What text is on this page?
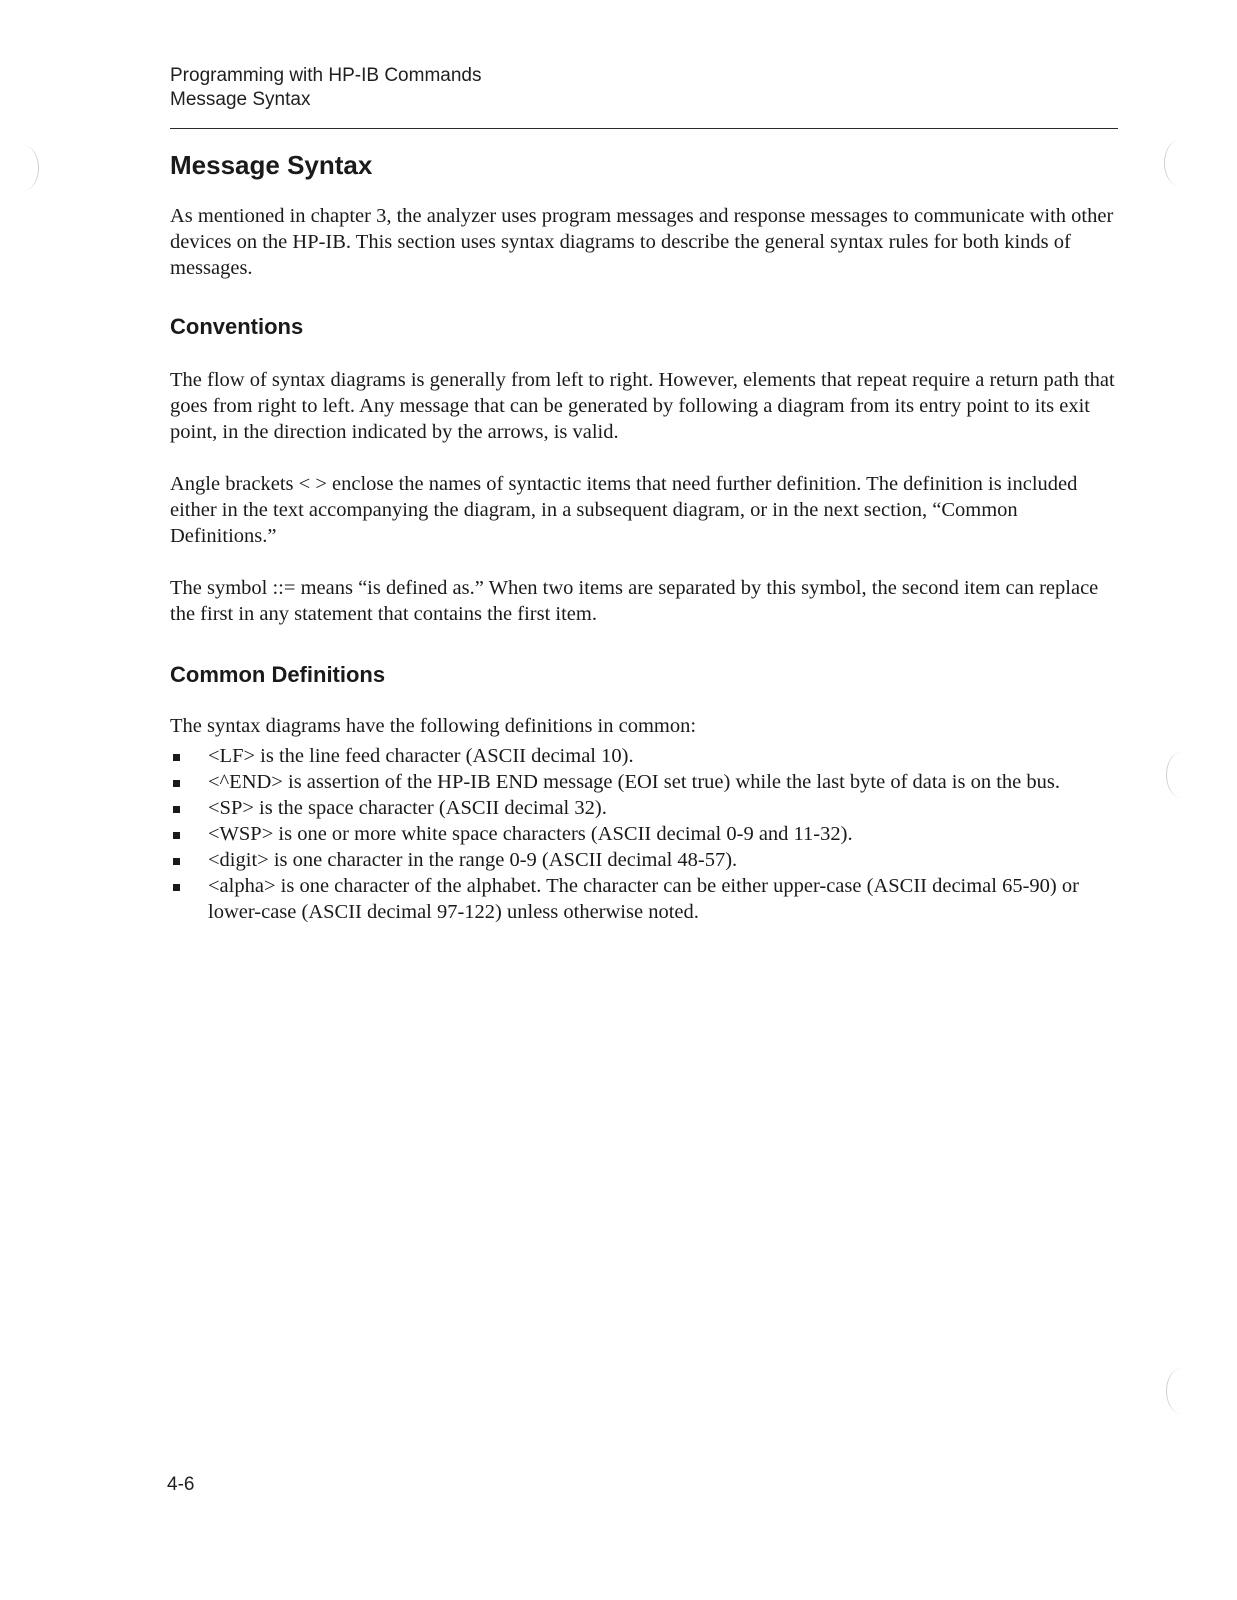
Programming with HP-IB Commands
Message Syntax
Message Syntax

As mentioned in chapter 3, the analyzer uses program messages and response messages to communicate with other devices on the HP-IB. This section uses syntax diagrams to describe the general syntax rules for both kinds of messages.

Conventions

The flow of syntax diagrams is generally from left to right. However, elements that repeat require a return path that goes from right to left. Any message that can be generated by following a diagram from its entry point to its exit point, in the direction indicated by the arrows, is valid.

Angle brackets < > enclose the names of syntactic items that need further definition. The definition is included either in the text accompanying the diagram, in a subsequent diagram, or in the next section, “Common Definitions.”

The symbol ::= means “is defined as.” When two items are separated by this symbol, the second item can replace the first in any statement that contains the first item.

Common Definitions

The syntax diagrams have the following definitions in common:

<LF> is the line feed character (ASCII decimal 10).
<^END> is assertion of the HP-IB END message (EOI set true) while the last byte of data is on the bus.
<SP> is the space character (ASCII decimal 32).
<WSP> is one or more white space characters (ASCII decimal 0-9 and 11-32).
<digit> is one character in the range 0-9 (ASCII decimal 48-57).
<alpha> is one character of the alphabet. The character can be either upper-case (ASCII decimal 65-90) or lower-case (ASCII decimal 97-122) unless otherwise noted.
4-6
